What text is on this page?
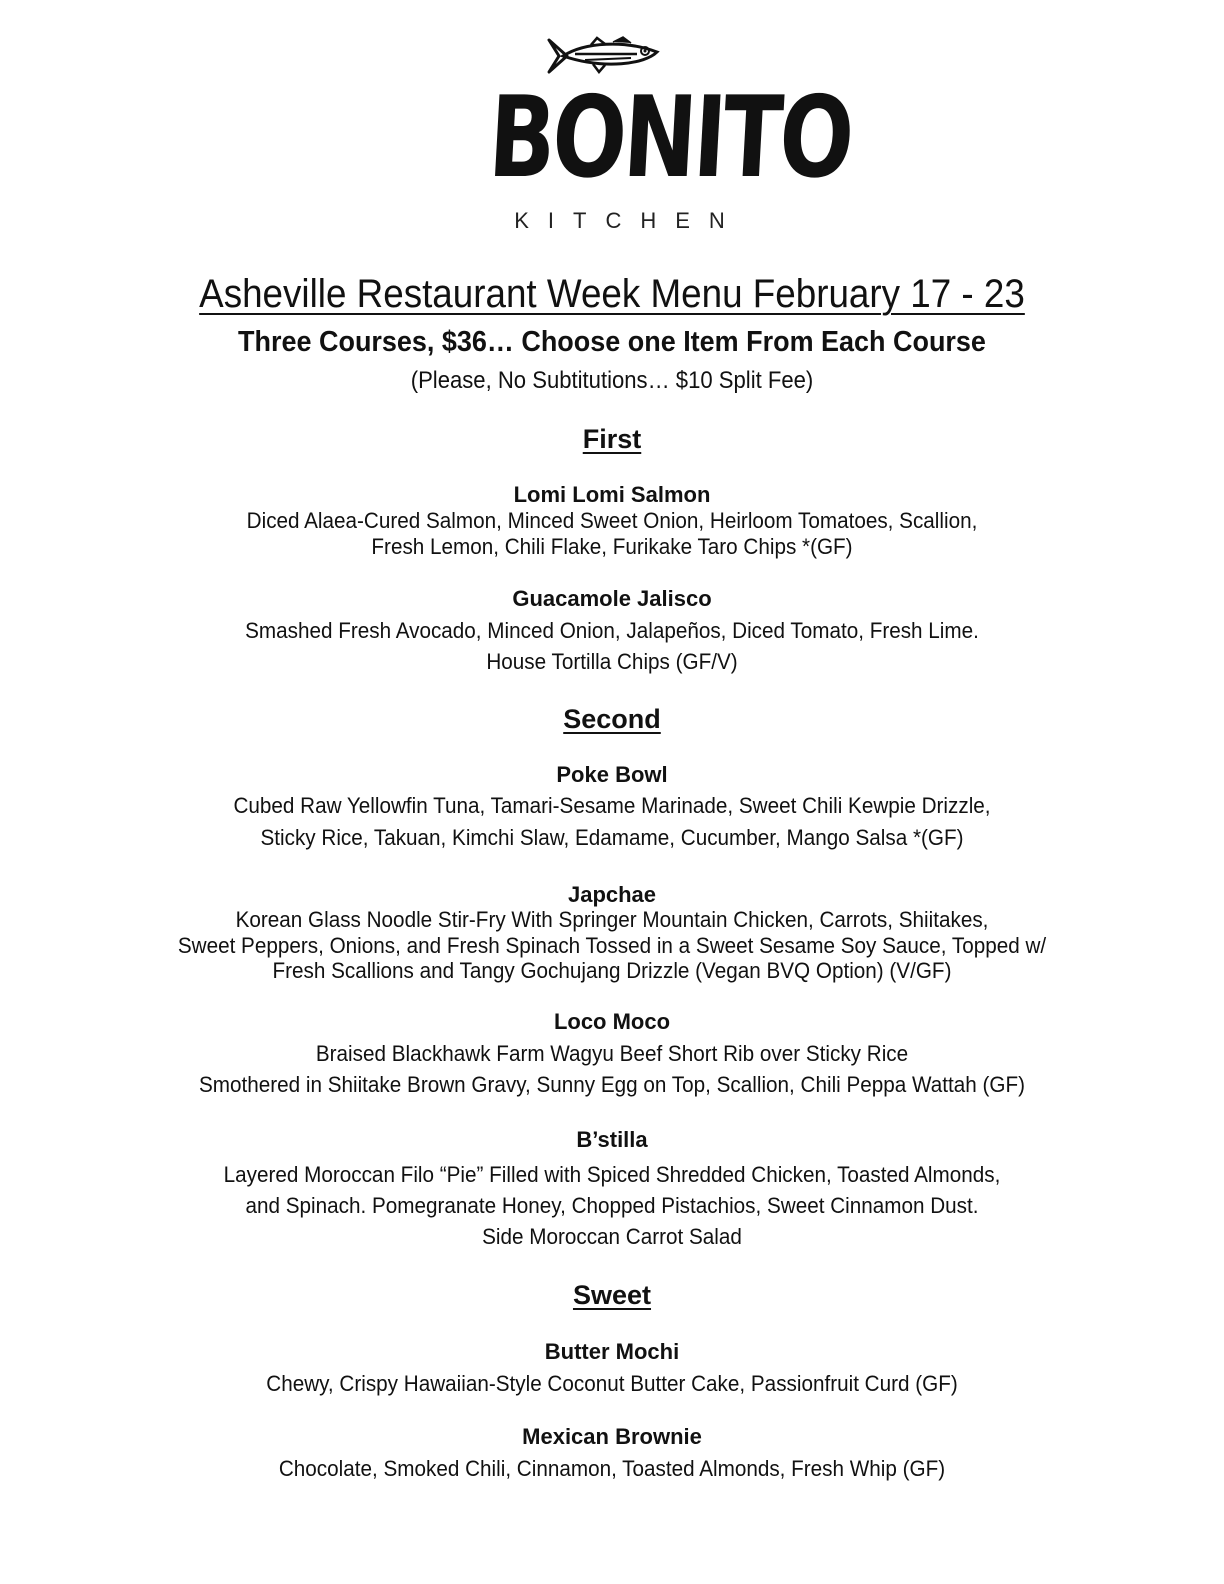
BONITO
KITCHEN
Asheville Restaurant Week Menu February 17 - 23
Three Courses, $36… Choose one Item From Each Course
(Please, No Subtitutions… $10 Split Fee)
First
Lomi Lomi Salmon
Diced Alaea-Cured Salmon, Minced Sweet Onion, Heirloom Tomatoes, Scallion,
Fresh Lemon, Chili Flake, Furikake Taro Chips *(GF)
Guacamole Jalisco
Smashed Fresh Avocado, Minced Onion, Jalapeños, Diced Tomato, Fresh Lime.
House Tortilla Chips (GF/V)
Second
Poke Bowl
Cubed Raw Yellowfin Tuna, Tamari-Sesame Marinade, Sweet Chili Kewpie Drizzle,
Sticky Rice, Takuan, Kimchi Slaw, Edamame, Cucumber, Mango Salsa *(GF)
Japchae
Korean Glass Noodle Stir-Fry With Springer Mountain Chicken, Carrots, Shiitakes,
Sweet Peppers, Onions, and Fresh Spinach Tossed in a Sweet Sesame Soy Sauce, Topped w/
Fresh Scallions and Tangy Gochujang Drizzle (Vegan BVQ Option) (V/GF)
Loco Moco
Braised Blackhawk Farm Wagyu Beef Short Rib over Sticky Rice
Smothered in Shiitake Brown Gravy, Sunny Egg on Top, Scallion, Chili Peppa Wattah (GF)
B’stilla
Layered Moroccan Filo “Pie” Filled with Spiced Shredded Chicken, Toasted Almonds,
and Spinach. Pomegranate Honey, Chopped Pistachios, Sweet Cinnamon Dust.
Side Moroccan Carrot Salad
Sweet
Butter Mochi
Chewy, Crispy Hawaiian-Style Coconut Butter Cake, Passionfruit Curd (GF)
Mexican Brownie
Chocolate, Smoked Chili, Cinnamon, Toasted Almonds, Fresh Whip (GF)
